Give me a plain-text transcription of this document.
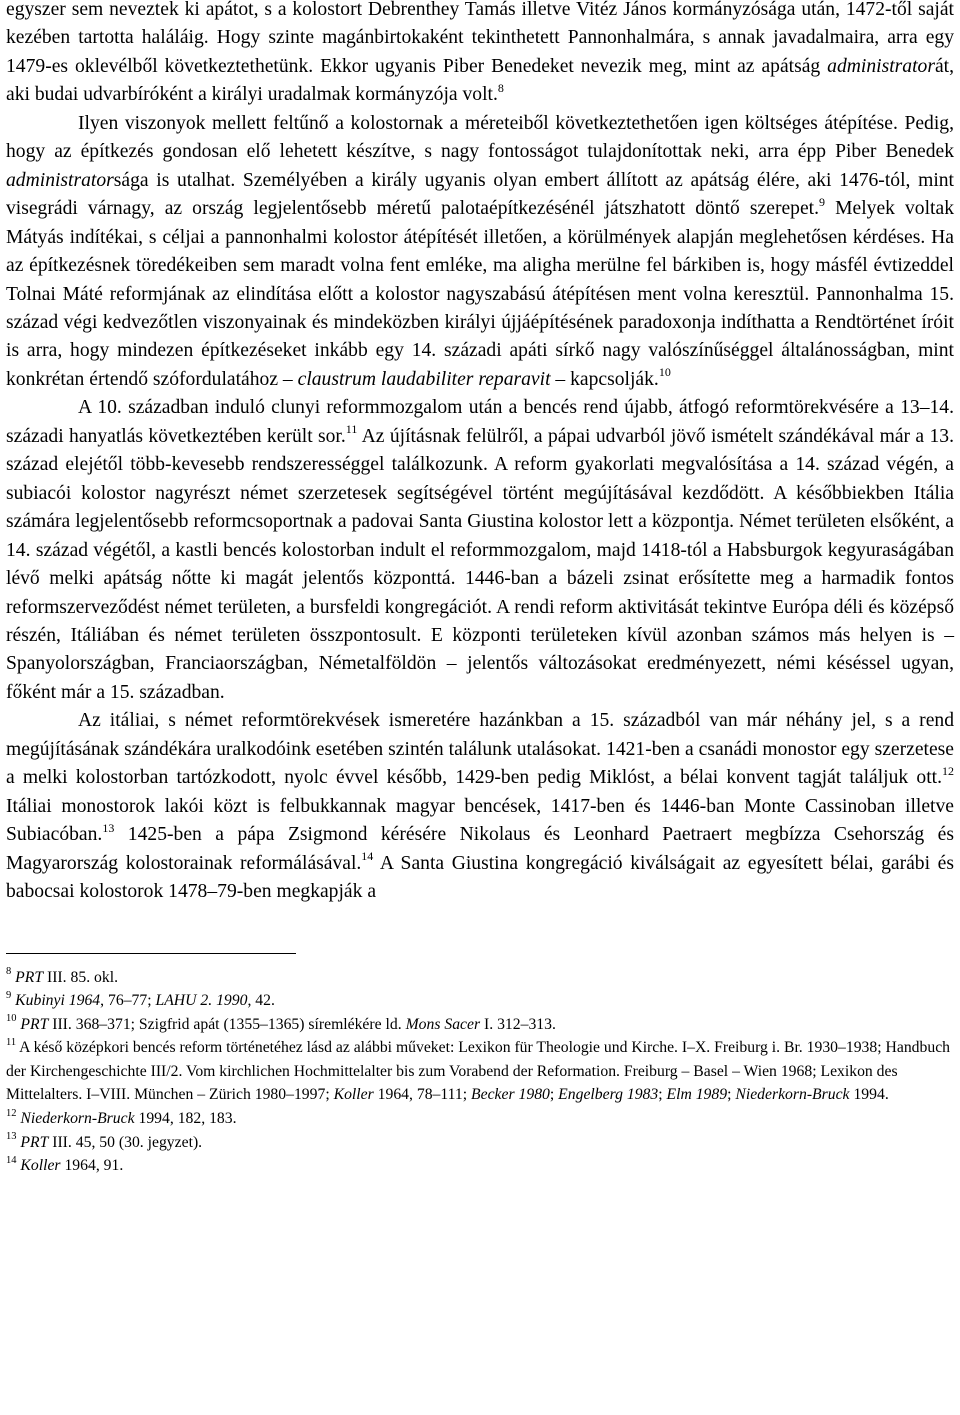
egyszer sem neveztek ki apátot, s a kolostort Debrenthey Tamás illetve Vitéz János kormányzósága után, 1472-től saját kezében tartotta haláláig. Hogy szinte magánbirtokaként tekinthetett Pannonhalmára, s annak javadalmaira, arra egy 1479-es oklevélből következtethetünk. Ekkor ugyanis Piber Benedeket nevezik meg, mint az apátság administratorát, aki budai udvarbíróként a királyi uradalmak kormányzója volt.$^8$

Ilyen viszonyok mellett feltűnő a kolostornak a méreteiből következtethetően igen költséges átépítése. Pedig, hogy az építkezés gondosan elő lehetett készítve, s nagy fontosságot tulajdonítottak neki, arra épp Piber Benedek administratorsága is utalhat. Személyében a király ugyanis olyan embert állított az apátság élére, aki 1476-tól, mint visegrádi várnagy, az ország legjelentősebb méretű palotaépítkezésénél játszhatott döntő szerepet.$^9$ Melyek voltak Mátyás indítékai, s céljai a pannonhalmi kolostor átépítését illetően, a körülmények alapján meglehetősen kérdéses. Ha az építkezésnek töredékeiben sem maradt volna fent emléke, ma aligha merülne fel bárkiben is, hogy másfél évtizeddel Tolnai Máté reformjának az elindítása előtt a kolostor nagyszabású átépítésen ment volna keresztül. Pannonhalma 15. század végi kedvezőtlen viszonyainak és mindeközben királyi újjáépítésének paradoxonja indíthatta a Rendtörténet íróit is arra, hogy mindezen építkezéseket inkább egy 14. századi apáti sírkő nagy valószínűséggel általánosságban, mint konkrétan értendő szófordulatához – claustrum laudabiliter reparavit – kapcsolják.$^{10}$

A 10. században induló clunyi reformmozgalom után a bencés rend újabb, átfogó reformtörekvésére a 13–14. századi hanyatlás következtében került sor.$^{11}$ Az újításnak felülről, a pápai udvarból jövő ismételt szándékával már a 13. század elejétől több-kevesebb rendszerességgel találkozunk. A reform gyakorlati megvalósítása a 14. század végén, a subiacói kolostor nagyrészt német szerzetesek segítségével történt megújításával kezdődött. A későbbiekben Itália számára legjelentősebb reformcsoportnak a padovai Santa Giustina kolostor lett a központja. Német területen elsőként, a 14. század végétől, a kastli bencés kolostorban indult el reformmozgalom, majd 1418-tól a Habsburgok kegyuraságában lévő melki apátság nőtte ki magát jelentős központtá. 1446-ban a bázeli zsinat erősítette meg a harmadik fontos reformszerveződést német területen, a bursfeldi kongregációt. A rendi reform aktivitását tekintve Európa déli és középső részén, Itáliában és német területen összpontosult. E központi területeken kívül azonban számos más helyen is – Spanyolországban, Franciaországban, Németalföldön – jelentős változásokat eredményezett, némi késéssel ugyan, főként már a 15. században.

Az itáliai, s német reformtörekvések ismeretére hazánkban a 15. századból van már néhány jel, s a rend megújításának szándékára uralkodóink esetében szintén találunk utalásokat. 1421-ben a csanádi monostor egy szerzetese a melki kolostorban tartózkodott, nyolc évvel később, 1429-ben pedig Miklóst, a bélai konvent tagját találjuk ott.$^{12}$ Itáliai monostorok lakói közt is felbukkannak magyar bencések, 1417-ben és 1446-ban Monte Cassinoban illetve Subiacóban.$^{13}$ 1425-ben a pápa Zsigmond kérésére Nikolaus és Leonhard Paetraert megbízza Csehország és Magyarország kolostorainak reformálásával.$^{14}$ A Santa Giustina kongregáció kiválságait az egyesített bélai, garábi és babocsai kolostorok 1478–79-ben megkapják a

$^8$ PRT III. 85. okl.

$^9$ Kubinyi 1964, 76–77; LAHU 2. 1990, 42.

$^{10}$ PRT III. 368–371; Szigfrid apát (1355–1365) síremlékére ld. Mons Sacer I. 312–313.

$^{11}$ A késő középkori bencés reform történetéhez lásd az alábbi műveket: Lexikon für Theologie und Kirche. I–X. Freiburg i. Br. 1930–1938; Handbuch der Kirchengeschichte III/2. Vom kirchlichen Hochmittelalter bis zum Vorabend der Reformation. Freiburg – Basel – Wien 1968; Lexikon des Mittelalters. I–VIII. München – Zürich 1980–1997; Koller 1964, 78–111; Becker 1980; Engelberg 1983; Elm 1989; Niederkorn-Bruck 1994.

$^{12}$ Niederkorn-Bruck 1994, 182, 183.

$^{13}$ PRT III. 45, 50 (30. jegyzet).

$^{14}$ Koller 1964, 91.
